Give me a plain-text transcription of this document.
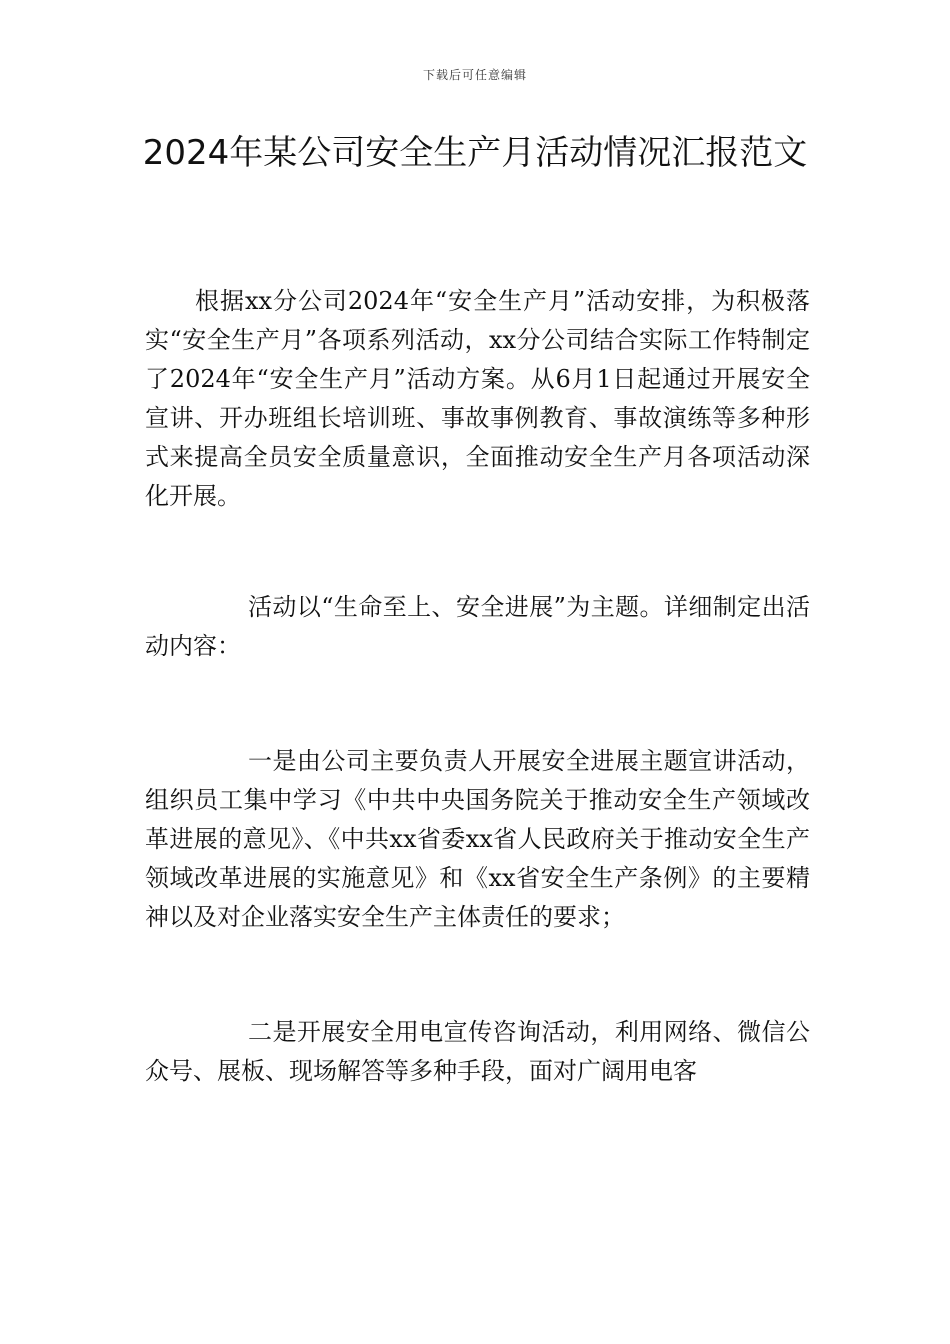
下载后可任意编辑
2024年某公司安全生产月活动情况汇报范文

根据xx分公司2024年“安全生产月”活动安排，为积极落实“安全生产月”各项系列活动，xx分公司结合实际工作特制定了2024年“安全生产月”活动方案。从6月1日起通过开展安全宣讲、开办班组长培训班、事故事例教育、事故演练等多种形式来提高全员安全质量意识，全面推动安全生产月各项活动深化开展。

活动以“生命至上、安全进展”为主题。详细制定出活动内容：

一是由公司主要负责人开展安全进展主题宣讲活动，组织员工集中学习《中共中央国务院关于推动安全生产领域改革进展的意见》、《中共xx省委xx省人民政府关于推动安全生产领域改革进展的实施意见》和《xx省安全生产条例》的主要精神以及对企业落实安全生产主体责任的要求；

二是开展安全用电宣传咨询活动，利用网络、微信公众号、展板、现场解答等多种手段，面对广阔用电客
